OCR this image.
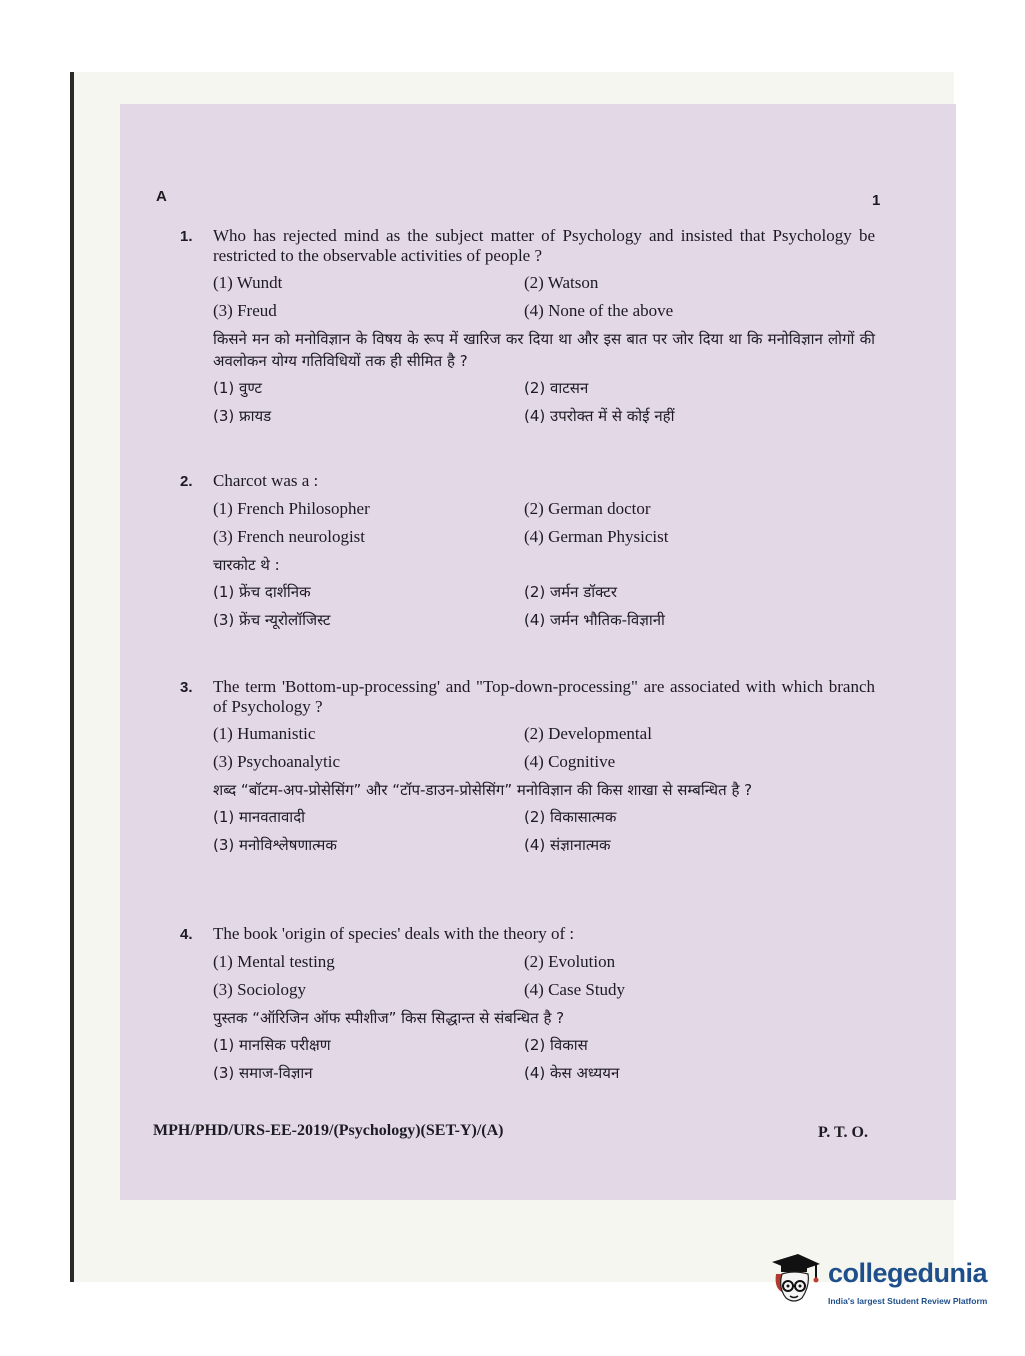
A	1
1.	Who has rejected mind as the subject matter of Psychology and insisted that Psychology be restricted to the observable activities of people ?
(1) Wundt	(2) Watson
(3) Freud	(4) None of the above
किसने मन को मनोविज्ञान के विषय के रूप में खारिज कर दिया था और इस बात पर जोर दिया था कि मनोविज्ञान लोगों की अवलोकन योग्य गतिविधियों तक ही सीमित है ?
(1) वुण्ट	(2) वाटसन
(3) फ्रायड	(4) उपरोक्त में से कोई नहीं
2.	Charcot was a :
(1) French Philosopher	(2) German doctor
(3) French neurologist	(4) German Physicist
चारकोट थे :
(1) फ्रेंच दार्शनिक	(2) जर्मन डॉक्टर
(3) फ्रेंच न्यूरोलॉजिस्ट	(4) जर्मन भौतिक-विज्ञानी
3.	The term 'Bottom-up-processing' and "Top-down-processing" are associated with which branch of Psychology ?
(1) Humanistic	(2) Developmental
(3) Psychoanalytic	(4) Cognitive
शब्द “बॉटम-अप-प्रोसेसिंग” और “टॉप-डाउन-प्रोसेसिंग” मनोविज्ञान की किस शाखा से सम्बन्धित है ?
(1) मानवतावादी	(2) विकासात्मक
(3) मनोविश्लेषणात्मक	(4) संज्ञानात्मक
4.	The book 'origin of species' deals with the theory of :
(1) Mental testing	(2) Evolution
(3) Sociology	(4) Case Study
पुस्तक “ऑरिजिन ऑफ स्पीशीज” किस सिद्धान्त से संबन्धित है ?
(1) मानसिक परीक्षण	(2) विकास
(3) समाज-विज्ञान	(4) केस अध्ययन
MPH/PHD/URS-EE-2019/(Psychology)(SET-Y)/(A)	P. T. O.
collegedunia
India's largest Student Review Platform
